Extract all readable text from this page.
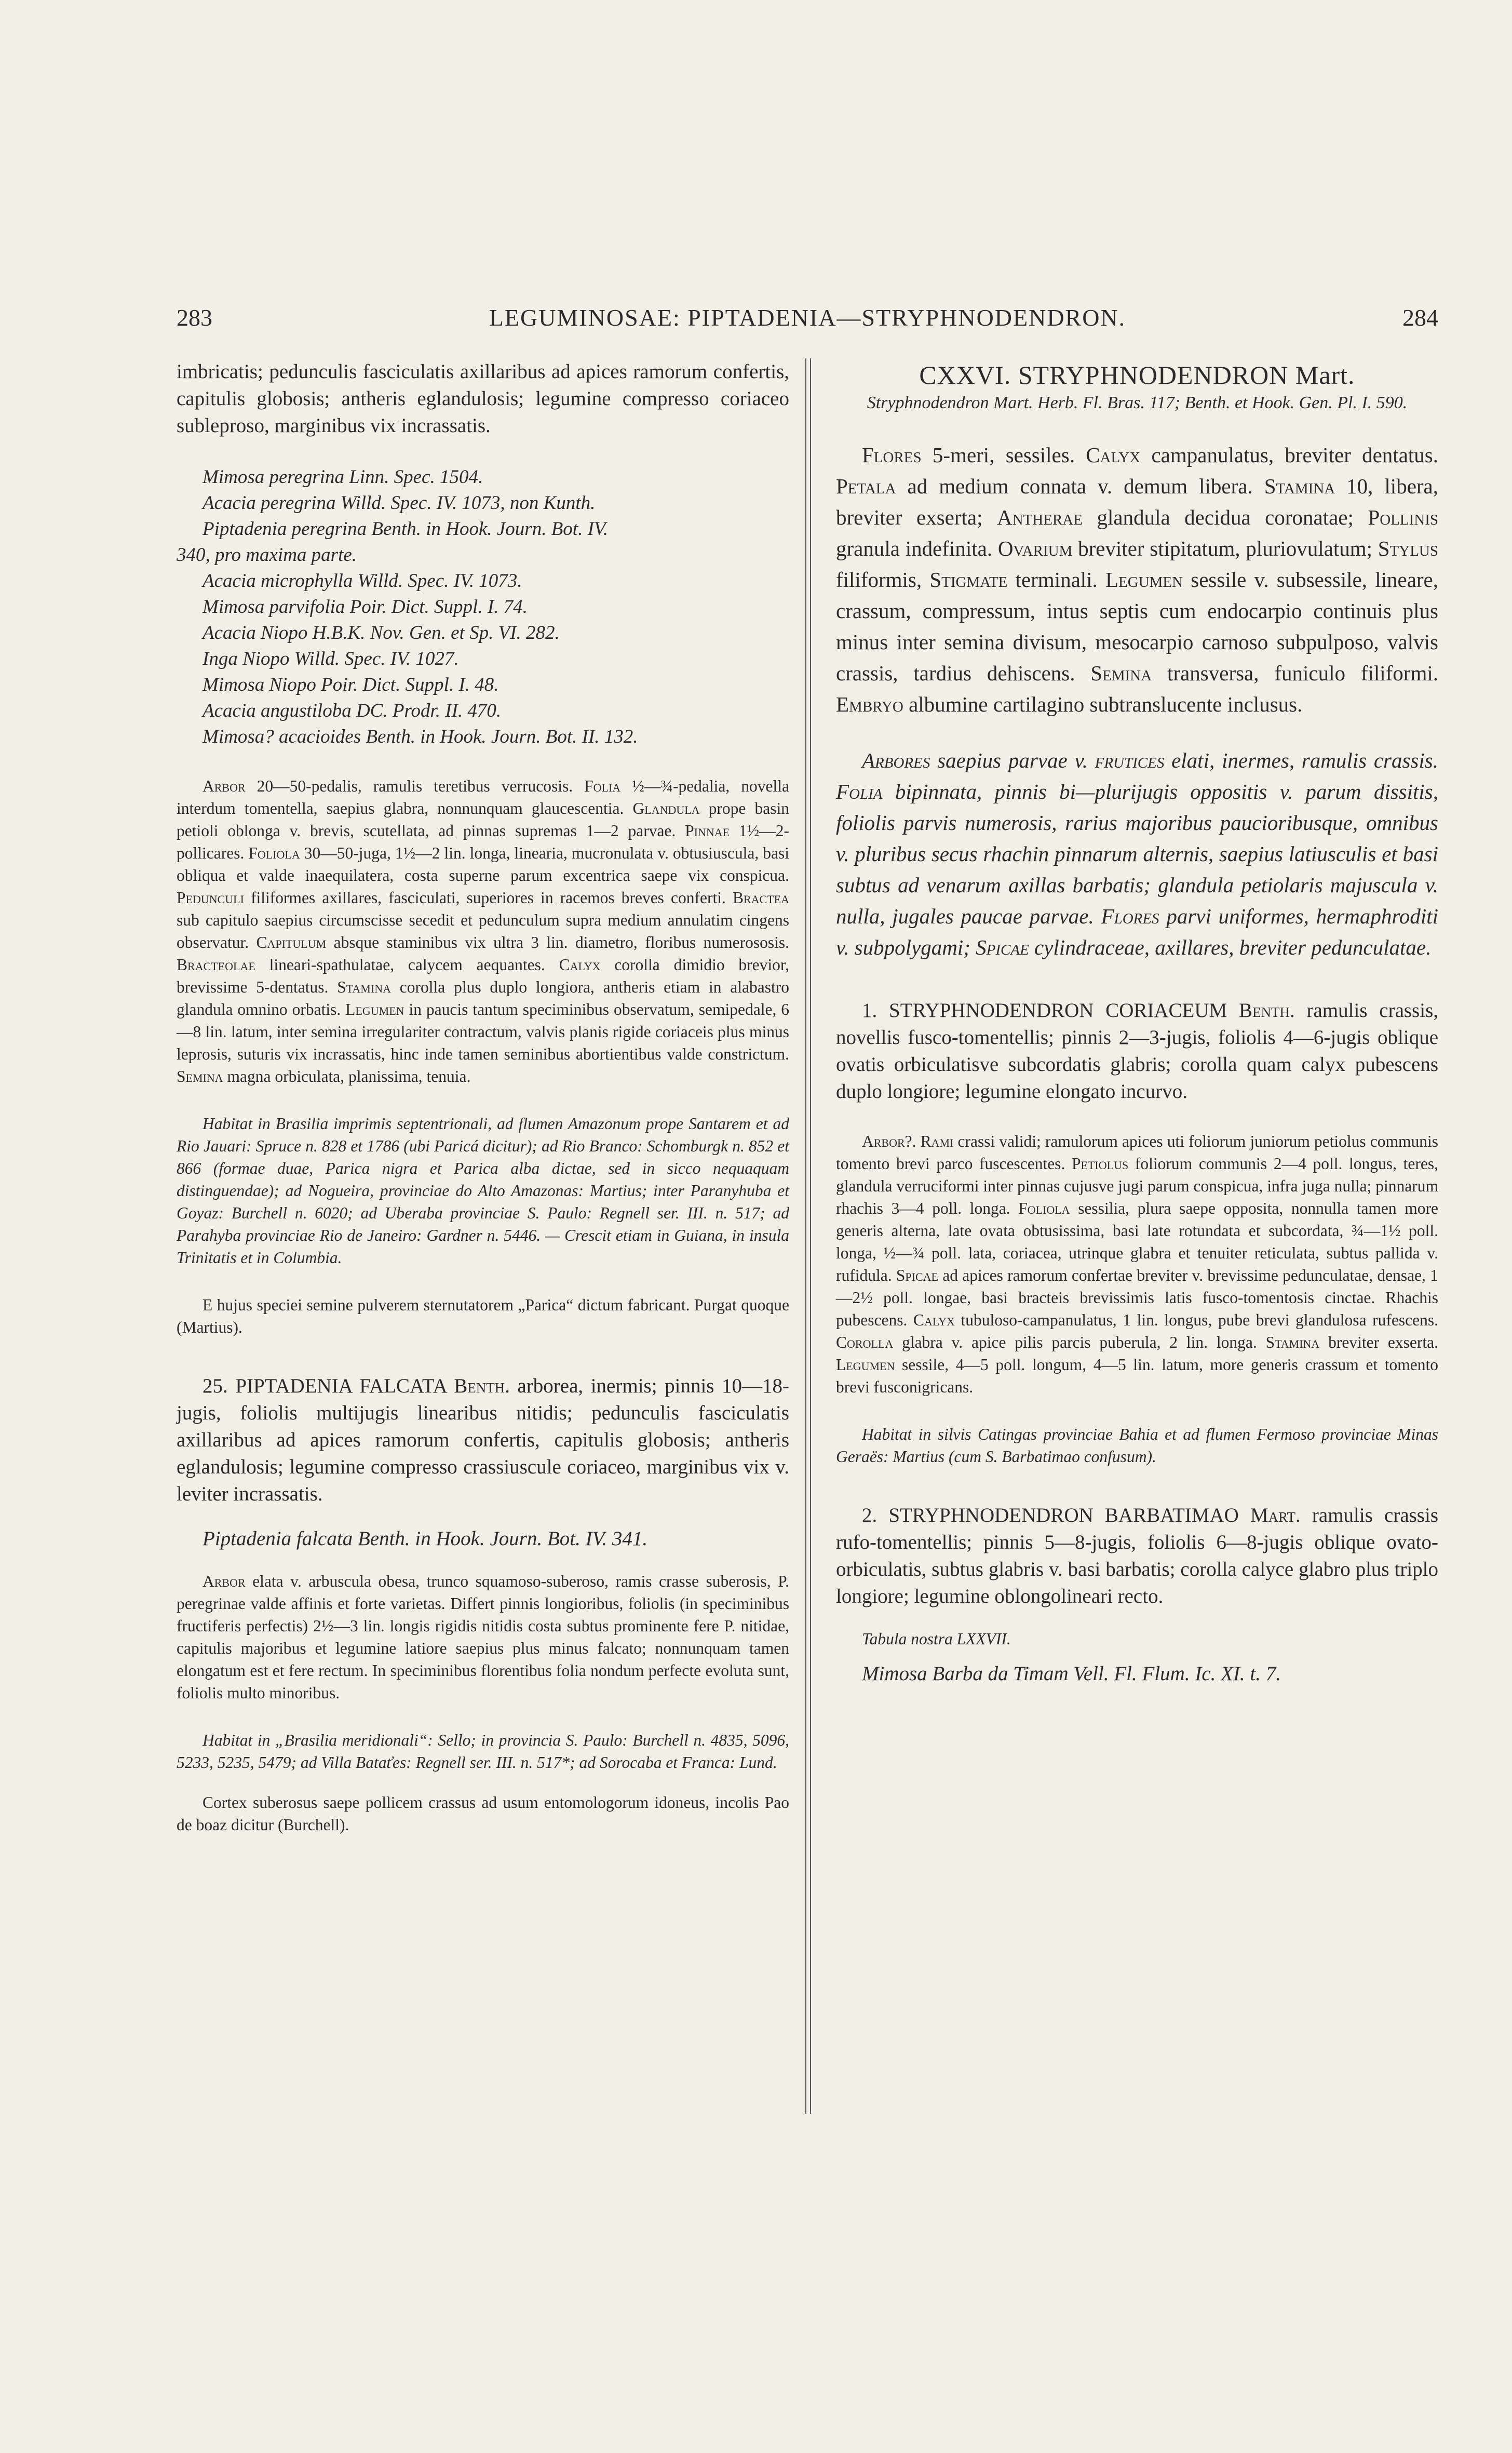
283	LEGUMINOSAE: PIPTADENIA—STRYPHNODENDRON.	284

imbricatis; pedunculis fasciculatis axillaribus ad apices ramorum confertis, capitulis globosis; antheris eglandulosis; legumine compresso coriaceo subleproso, marginibus vix incrassatis.

Mimosa peregrina Linn. Spec. 1504.

Acacia peregrina Willd. Spec. IV. 1073, non Kunth.

Piptadenia peregrina Benth. in Hook. Journ. Bot. IV.

340, pro maxima parte.

Acacia microphylla Willd. Spec. IV. 1073.

Mimosa parvifolia Poir. Dict. Suppl. I. 74.

Acacia Niopo H.B.K. Nov. Gen. et Sp. VI. 282.

Inga Niopo Willd. Spec. IV. 1027.

Mimosa Niopo Poir. Dict. Suppl. I. 48.

Acacia angustiloba DC. Prodr. II. 470.

Mimosa? acacioides Benth. in Hook. Journ. Bot. II. 132.

Arbor 20—50-pedalis, ramulis teretibus verrucosis. Folia ½—¾-pedalia, novella interdum tomentella, saepius glabra, nonnunquam glaucescentia. Glandula prope basin petioli oblonga v. brevis, scutellata, ad pinnas supremas 1—2 parvae. Pinnae 1½—2-pollicares. Foliola 30—50-juga, 1½—2 lin. longa, linearia, mucronulata v. obtusiuscula, basi obliqua et valde inaequilatera, costa superne parum excentrica saepe vix conspicua. Pedunculi filiformes axillares, fasciculati, superiores in racemos breves conferti. Bractea sub capitulo saepius circumscisse secedit et pedunculum supra medium annulatim cingens observatur. Capitulum absque staminibus vix ultra 3 lin. diametro, floribus numerososis. Bracteolae lineari-spathulatae, calycem aequantes. Calyx corolla dimidio brevior, brevissime 5-dentatus. Stamina corolla plus duplo longiora, antheris etiam in alabastro glandula omnino orbatis. Legumen in paucis tantum speciminibus observatum, semipedale, 6—8 lin. latum, inter semina irregulariter contractum, valvis planis rigide coriaceis plus minus leprosis, suturis vix incrassatis, hinc inde tamen seminibus abortientibus valde constrictum. Semina magna orbiculata, planissima, tenuia.

Habitat in Brasilia imprimis septentrionali, ad flumen Amazonum prope Santarem et ad Rio Jauari: Spruce n. 828 et 1786 (ubi Paricá dicitur); ad Rio Branco: Schomburgk n. 852 et 866 (formae duae, Parica nigra et Parica alba dictae, sed in sicco nequaquam distinguendae); ad Nogueira, provinciae do Alto Amazonas: Martius; inter Paranyhuba et Goyaz: Burchell n. 6020; ad Uberaba provinciae S. Paulo: Regnell ser. III. n. 517; ad Parahyba provinciae Rio de Janeiro: Gardner n. 5446. — Crescit etiam in Guiana, in insula Trinitatis et in Columbia.

E hujus speciei semine pulverem sternutatorem „Parica“ dictum fabricant. Purgat quoque (Martius).

25. PIPTADENIA FALCATA Benth. arborea, inermis; pinnis 10—18-jugis, foliolis multijugis linearibus nitidis; pedunculis fasciculatis axillaribus ad apices ramorum confertis, capitulis globosis; antheris eglandulosis; legumine compresso crassiuscule coriaceo, marginibus vix v. leviter incrassatis.

Piptadenia falcata Benth. in Hook. Journ. Bot. IV. 341.

Arbor elata v. arbuscula obesa, trunco squamoso-suberoso, ramis crasse suberosis, P. peregrinae valde affinis et forte varietas. Differt pinnis longioribus, foliolis (in speciminibus fructiferis perfectis) 2½—3 lin. longis rigidis nitidis costa subtus prominente fere P. nitidae, capitulis majoribus et legumine latiore saepius plus minus falcato; nonnunquam tamen elongatum est et fere rectum. In speciminibus florentibus folia nondum perfecte evoluta sunt, foliolis multo minoribus.

Habitat in „Brasilia meridionali“: Sello; in provincia S. Paulo: Burchell n. 4835, 5096, 5233, 5235, 5479; ad Villa Bataťes: Regnell ser. III. n. 517*; ad Sorocaba et Franca: Lund.

Cortex suberosus saepe pollicem crassus ad usum entomologorum idoneus, incolis Pao de boaz dicitur (Burchell).

CXXVI. STRYPHNODENDRON Mart.

Stryphnodendron Mart. Herb. Fl. Bras. 117; Benth. et Hook. Gen. Pl. I. 590.

Flores 5-meri, sessiles. Calyx campanulatus, breviter dentatus. Petala ad medium connata v. demum libera. Stamina 10, libera, breviter exserta; Antherae glandula decidua coronatae; Pollinis granula indefinita. Ovarium breviter stipitatum, pluriovulatum; Stylus filiformis, Stigmate terminali. Legumen sessile v. subsessile, lineare, crassum, compressum, intus septis cum endocarpio continuis plus minus inter semina divisum, mesocarpio carnoso subpulposo, valvis crassis, tardius dehiscens. Semina transversa, funiculo filiformi. Embryo albumine cartilagino subtranslucente inclusus.

Arbores saepius parvae v. frutices elati, inermes, ramulis crassis. Folia bipinnata, pinnis bi—plurijugis oppositis v. parum dissitis, foliolis parvis numerosis, rarius majoribus paucioribusque, omnibus v. pluribus secus rhachin pinnarum alternis, saepius latiusculis et basi subtus ad venarum axillas barbatis; glandula petiolaris majuscula v. nulla, jugales paucae parvae. Flores parvi uniformes, hermaphroditi v. subpolygami; Spicae cylindraceae, axillares, breviter pedunculatae.

1. STRYPHNODENDRON CORIACEUM Benth. ramulis crassis, novellis fusco-tomentellis; pinnis 2—3-jugis, foliolis 4—6-jugis oblique ovatis orbiculatisve subcordatis glabris; corolla quam calyx pubescens duplo longiore; legumine elongato incurvo.

Arbor?. Rami crassi validi; ramulorum apices uti foliorum juniorum petiolus communis tomento brevi parco fuscescentes. Petiolus foliorum communis 2—4 poll. longus, teres, glandula verruciformi inter pinnas cujusve jugi parum conspicua, infra juga nulla; pinnarum rhachis 3—4 poll. longa. Foliola sessilia, plura saepe opposita, nonnulla tamen more generis alterna, late ovata obtusissima, basi late rotundata et subcordata, ¾—1½ poll. longa, ½—¾ poll. lata, coriacea, utrinque glabra et tenuiter reticulata, subtus pallida v. rufidula. Spicae ad apices ramorum confertae breviter v. brevissime pedunculatae, densae, 1—2½ poll. longae, basi bracteis brevissimis latis fusco-tomentosis cinctae. Rhachis pubescens. Calyx tubuloso-campanulatus, 1 lin. longus, pube brevi glandulosa rufescens. Corolla glabra v. apice pilis parcis puberula, 2 lin. longa. Stamina breviter exserta. Legumen sessile, 4—5 poll. longum, 4—5 lin. latum, more generis crassum et tomento brevi fusconigricans.

Habitat in silvis Catingas provinciae Bahia et ad flumen Fermoso provinciae Minas Geraës: Martius (cum S. Barbatimao confusum).

2. STRYPHNODENDRON BARBATIMAO Mart. ramulis crassis rufo-tomentellis; pinnis 5—8-jugis, foliolis 6—8-jugis oblique ovato-orbiculatis, subtus glabris v. basi barbatis; corolla calyce glabro plus triplo longiore; legumine oblongolineari recto.

Tabula nostra LXXVII.

Mimosa Barba da Timam Vell. Fl. Flum. Ic. XI. t. 7.
